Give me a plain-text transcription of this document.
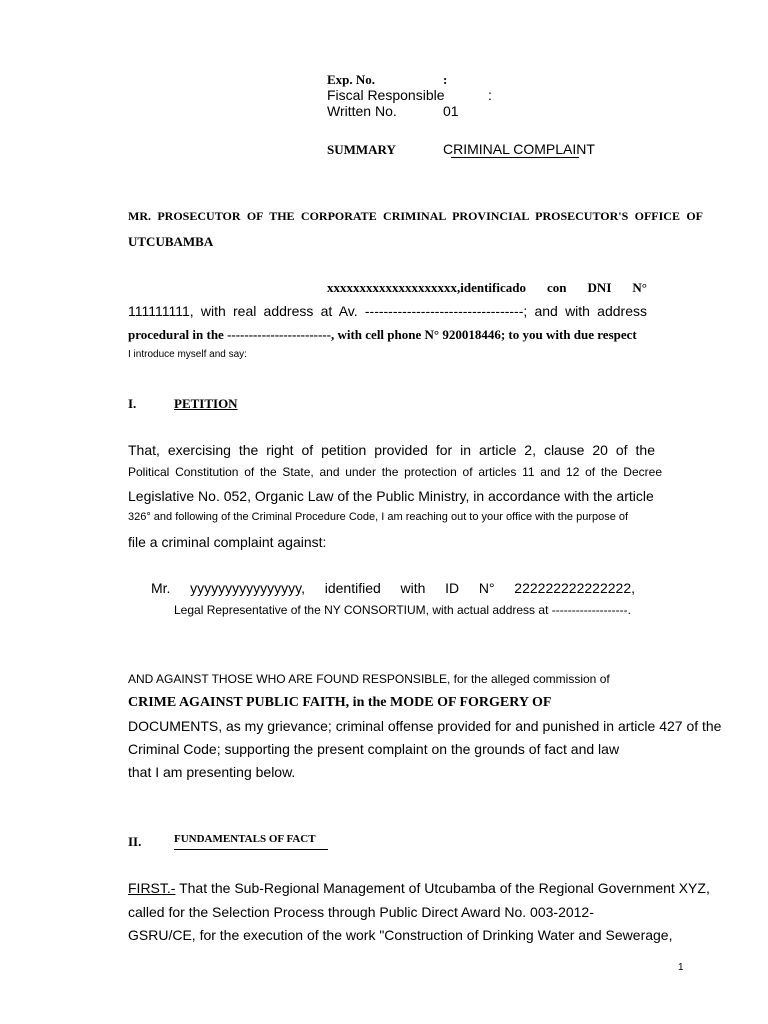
Exp. No.	:
Fiscal Responsible	:
Written No.	01
SUMMARY	CRIMINAL COMPLAINT
MR. PROSECUTOR OF THE CORPORATE CRIMINAL PROVINCIAL PROSECUTOR'S OFFICE OF
UTCUBAMBA
xxxxxxxxxxxxxxxxxxxx,identificado con DNI N°
111111111, with real address at Av. ----------------------------------; and with address
procedural in the ------------------------, with cell phone N° 920018446; to you with due respect
I introduce myself and say:
I.	PETITION
That, exercising the right of petition provided for in article 2, clause 20 of the
Political Constitution of the State, and under the protection of articles 11 and 12 of the Decree
Legislative No. 052, Organic Law of the Public Ministry, in accordance with the article
326° and following of the Criminal Procedure Code, I am reaching out to your office with the purpose of
file a criminal complaint against:
Mr. yyyyyyyyyyyyyyyy, identified with ID N° 222222222222222,
Legal Representative of the NY CONSORTIUM, with actual address at -------------------.
AND AGAINST THOSE WHO ARE FOUND RESPONSIBLE, for the alleged commission of
CRIME AGAINST PUBLIC FAITH, in the MODE OF FORGERY OF
DOCUMENTS, as my grievance; criminal offense provided for and punished in article 427 of the
Criminal Code; supporting the present complaint on the grounds of fact and law
that I am presenting below.
II.	FUNDAMENTALS OF FACT
FIRST.- That the Sub-Regional Management of Utcubamba of the Regional Government XYZ,
called for the Selection Process through Public Direct Award No. 003-2012-
GSRU/CE, for the execution of the work "Construction of Drinking Water and Sewerage,
1
